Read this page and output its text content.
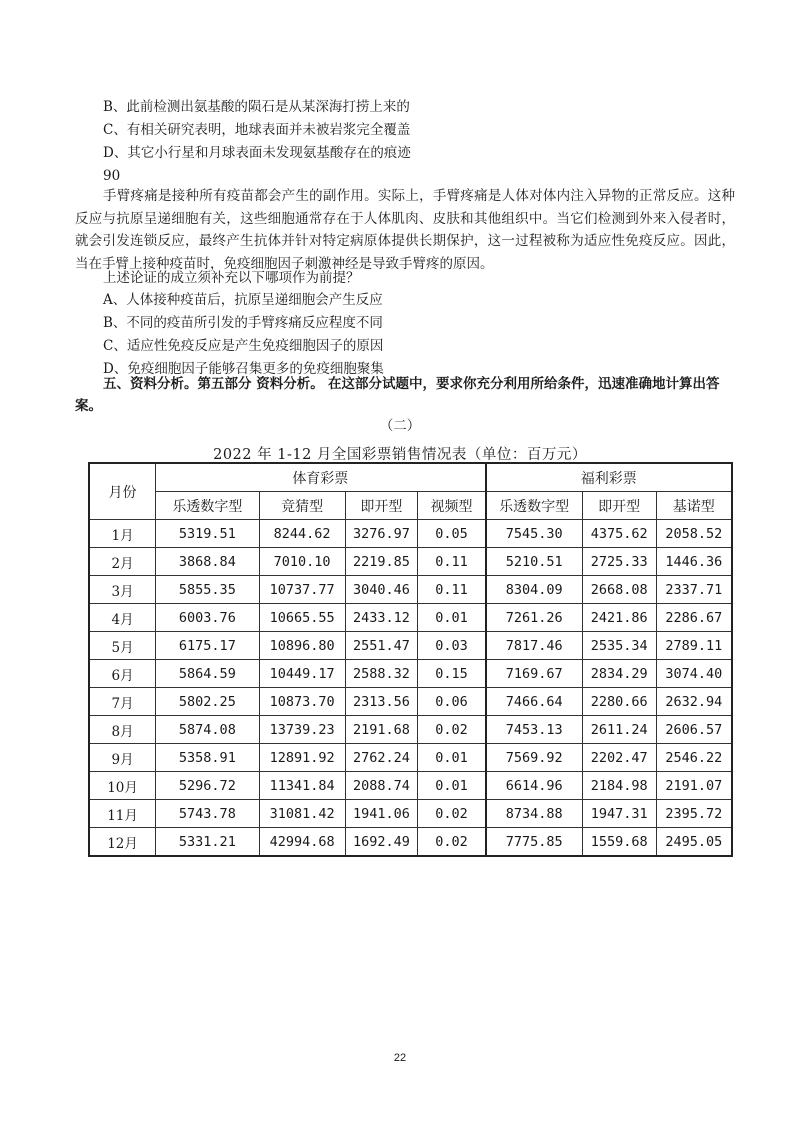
B、此前检测出氨基酸的陨石是从某深海打捞上来的
C、有相关研究表明，地球表面并未被岩浆完全覆盖
D、其它小行星和月球表面未发现氨基酸存在的痕迹
90
手臂疼痛是接种所有疫苗都会产生的副作用。实际上，手臂疼痛是人体对体内注入异物的正常反应。这种反应与抗原呈递细胞有关，这些细胞通常存在于人体肌肉、皮肤和其他组织中。当它们检测到外来入侵者时，就会引发连锁反应，最终产生抗体并针对特定病原体提供长期保护，这一过程被称为适应性免疫反应。因此，当在手臂上接种疫苗时，免疫细胞因子刺激神经是导致手臂疼的原因。
上述论证的成立须补充以下哪项作为前提？
A、人体接种疫苗后，抗原呈递细胞会产生反应
B、不同的疫苗所引发的手臂疼痛反应程度不同
C、适应性免疫反应是产生免疫细胞因子的原因
D、免疫细胞因子能够召集更多的免疫细胞聚集
五、资料分析。第五部分 资料分析。 在这部分试题中，要求你充分利用所给条件，迅速准确地计算出答案。
（二）
2022 年 1-12 月全国彩票销售情况表（单位：百万元）
月份	体育彩票				福利彩票		
	乐透数字型	竞猜型	即开型	视频型	乐透数字型	即开型	基诺型
1月	5319.51	8244.62	3276.97	0.05	7545.30	4375.62	2058.52
2月	3868.84	7010.10	2219.85	0.11	5210.51	2725.33	1446.36
3月	5855.35	10737.77	3040.46	0.11	8304.09	2668.08	2337.71
4月	6003.76	10665.55	2433.12	0.01	7261.26	2421.86	2286.67
5月	6175.17	10896.80	2551.47	0.03	7817.46	2535.34	2789.11
6月	5864.59	10449.17	2588.32	0.15	7169.67	2834.29	3074.40
7月	5802.25	10873.70	2313.56	0.06	7466.64	2280.66	2632.94
8月	5874.08	13739.23	2191.68	0.02	7453.13	2611.24	2606.57
9月	5358.91	12891.92	2762.24	0.01	7569.92	2202.47	2546.22
10月	5296.72	11341.84	2088.74	0.01	6614.96	2184.98	2191.07
11月	5743.78	31081.42	1941.06	0.02	8734.88	1947.31	2395.72
12月	5331.21	42994.68	1692.49	0.02	7775.85	1559.68	2495.05
22
